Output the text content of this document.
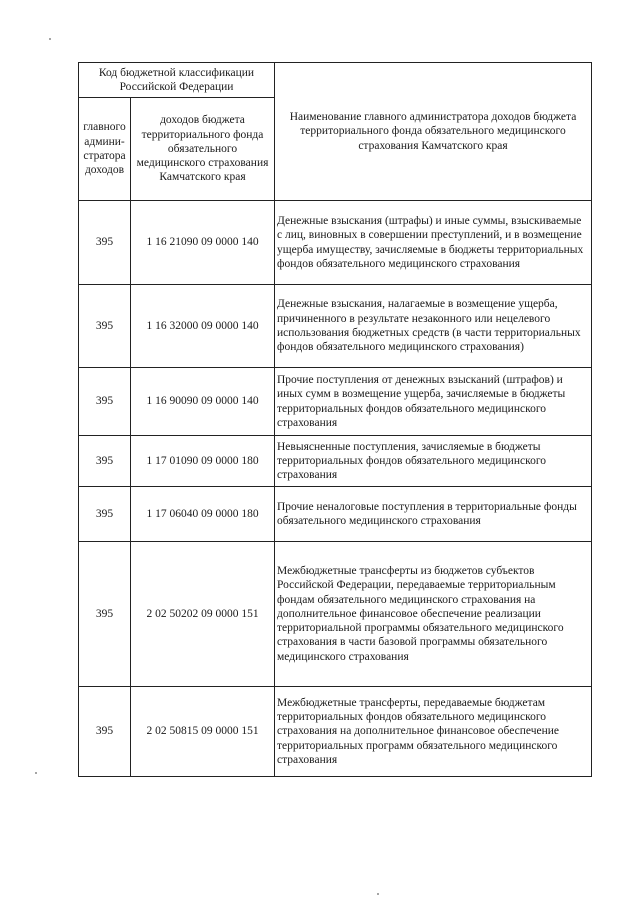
Код бюджетной классификации Российской Федерации		Наименование главного администратора доходов бюджета территориального фонда обязательного медицинского страхования Камчатского края
главного админи-стратора доходов	доходов бюджета территориального фонда обязательного медицинского страхования Камчатского края	
395	1 16 21090 09 0000 140	Денежные взыскания (штрафы) и иные суммы, взыскиваемые с лиц, виновных в совершении преступлений, и в возмещение ущерба имуществу, зачисляемые в бюджеты территориальных фондов обязательного медицинского страхования
395	1 16 32000 09 0000 140	Денежные взыскания, налагаемые в возмещение ущерба, причиненного в результате незаконного или нецелевого использования бюджетных средств (в части территориальных фондов обязательного медицинского страхования)
395	1 16 90090 09 0000 140	Прочие поступления от денежных взысканий (штрафов) и иных сумм в возмещение ущерба, зачисляемые в бюджеты территориальных фондов обязательного медицинского страхования
395	1 17 01090 09 0000 180	Невыясненные поступления, зачисляемые в бюджеты территориальных фондов обязательного медицинского страхования
395	1 17 06040 09 0000 180	Прочие неналоговые поступления в территориальные фонды обязательного медицинского страхования
395	2 02 50202 09 0000 151	Межбюджетные трансферты из бюджетов субъектов Российской Федерации, передаваемые территориальным фондам обязательного медицинского страхования на дополнительное финансовое обеспечение реализации территориальной программы обязательного медицинского страхования в части базовой программы обязательного медицинского страхования
395	2 02 50815 09 0000 151	Межбюджетные трансферты, передаваемые бюджетам территориальных фондов обязательного медицинского страхования на дополнительное финансовое обеспечение территориальных программ обязательного медицинского страхования
